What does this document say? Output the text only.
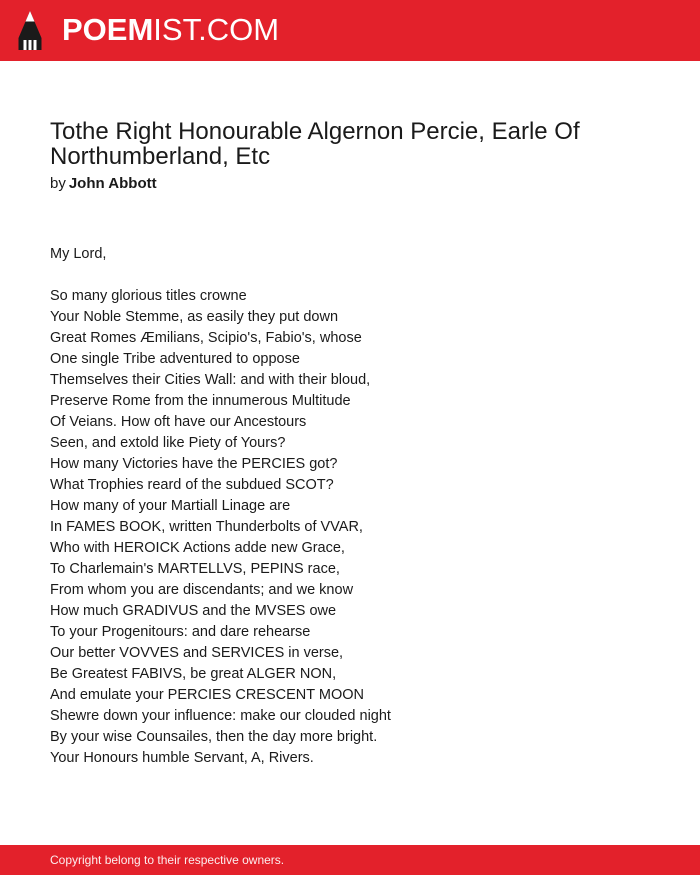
POEMIST.COM
Tothe Right Honourable Algernon Percie, Earle Of Northumberland, Etc
by John Abbott
My Lord,
So many glorious titles crowne
Your Noble Stemme, as easily they put down
Great Romes Æmilians, Scipio's, Fabio's, whose
One single Tribe adventured to oppose
Themselves their Cities Wall: and with their bloud,
Preserve Rome from the innumerous Multitude
Of Veians. How oft have our Ancestours
Seen, and extold like Piety of Yours?
How many Victories have the PERCIES got?
What Trophies reard of the subdued SCOT?
How many of your Martiall Linage are
In FAMES BOOK, written Thunderbolts of VVAR,
Who with HEROICK Actions adde new Grace,
To Charlemain's MARTELLVS, PEPINS race,
From whom you are discendants; and we know
How much GRADIVUS and the MVSES owe
To your Progenitours: and dare rehearse
Our better VOVVES and SERVICES in verse,
Be Greatest FABIVS, be great ALGER NON,
And emulate your PERCIES CRESCENT MOON
Shewre down your influence: make our clouded night
By your wise Counsailes, then the day more bright.
Your Honours humble Servant, A, Rivers.
Copyright belong to their respective owners.
